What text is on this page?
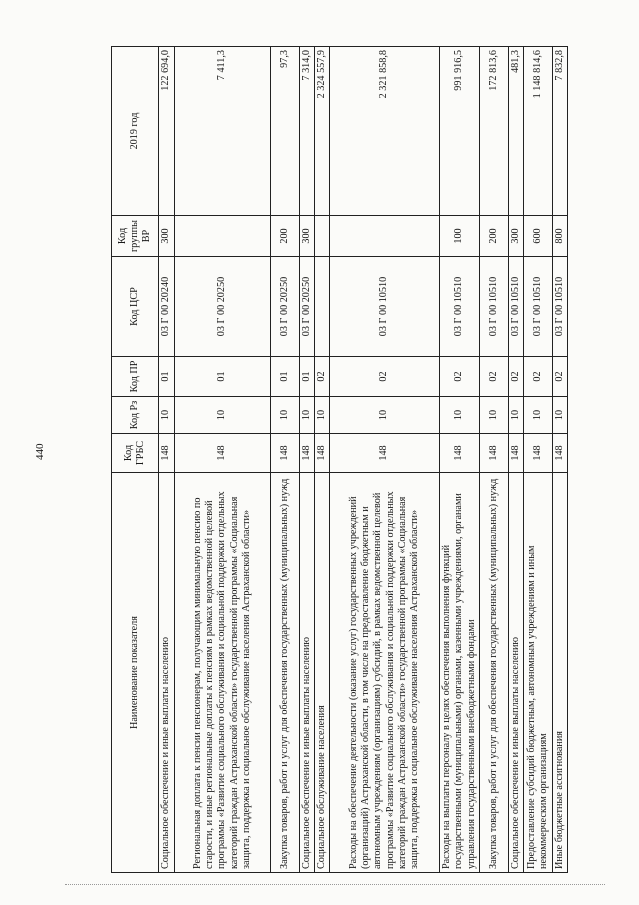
440
Наименование показателя	Код ГРБС	Код Рз	Код ПР	Код ЦСР	Код группы ВР	2019 год
Социальное обеспечение и иные выплаты населению	148	10	01	03 Г 00 20240	300	122 694,0
Региональная доплата к пенсии пенсионерам, получающим минимальную пенсию по старости, и иные региональные доплаты к пенсиям в рамках ведомственной целевой программы «Развитие социального обслуживания и социальной поддержки отдельных категорий граждан Астраханской области» государственной программы «Социальная защита, поддержка и социальное обслуживание населения Астраханской области»	148	10	01	03 Г 00 20250		7 411,3
Закупка товаров, работ и услуг для обеспечения государственных (муниципальных) нужд	148	10	01	03 Г 00 20250	200	97,3
Социальное обеспечение и иные выплаты населению	148	10	01	03 Г 00 20250	300	7 314,0
Социальное обслуживание населения	148	10	02			2 324 557,9
Расходы на обеспечение деятельности (оказание услуг) государственных учреждений (организаций) Астраханской области, в том числе на предоставление бюджетным и автономным учреждениям (организациям) субсидий, в рамках ведомственной целевой программы «Развитие социального обслуживания и социальной поддержки отдельных категорий граждан Астраханской области» государственной программы «Социальная защита, поддержка и социальное обслуживание населения Астраханской области»	148	10	02	03 Г 00 10510		2 321 858,8
Расходы на выплаты персоналу в целях обеспечения выполнения функций государственными (муниципальными) органами, казенными учреждениями, органами управления государственными внебюджетными фондами	148	10	02	03 Г 00 10510	100	991 916,5
Закупка товаров, работ и услуг для обеспечения государственных (муниципальных) нужд	148	10	02	03 Г 00 10510	200	172 813,6
Социальное обеспечение и иные выплаты населению	148	10	02	03 Г 00 10510	300	481,3
Предоставление субсидий бюджетным, автономным учреждениям и иным некоммерческим организациям	148	10	02	03 Г 00 10510	600	1 148 814,6
Иные бюджетные ассигнования	148	10	02	03 Г 00 10510	800	7 832,8
